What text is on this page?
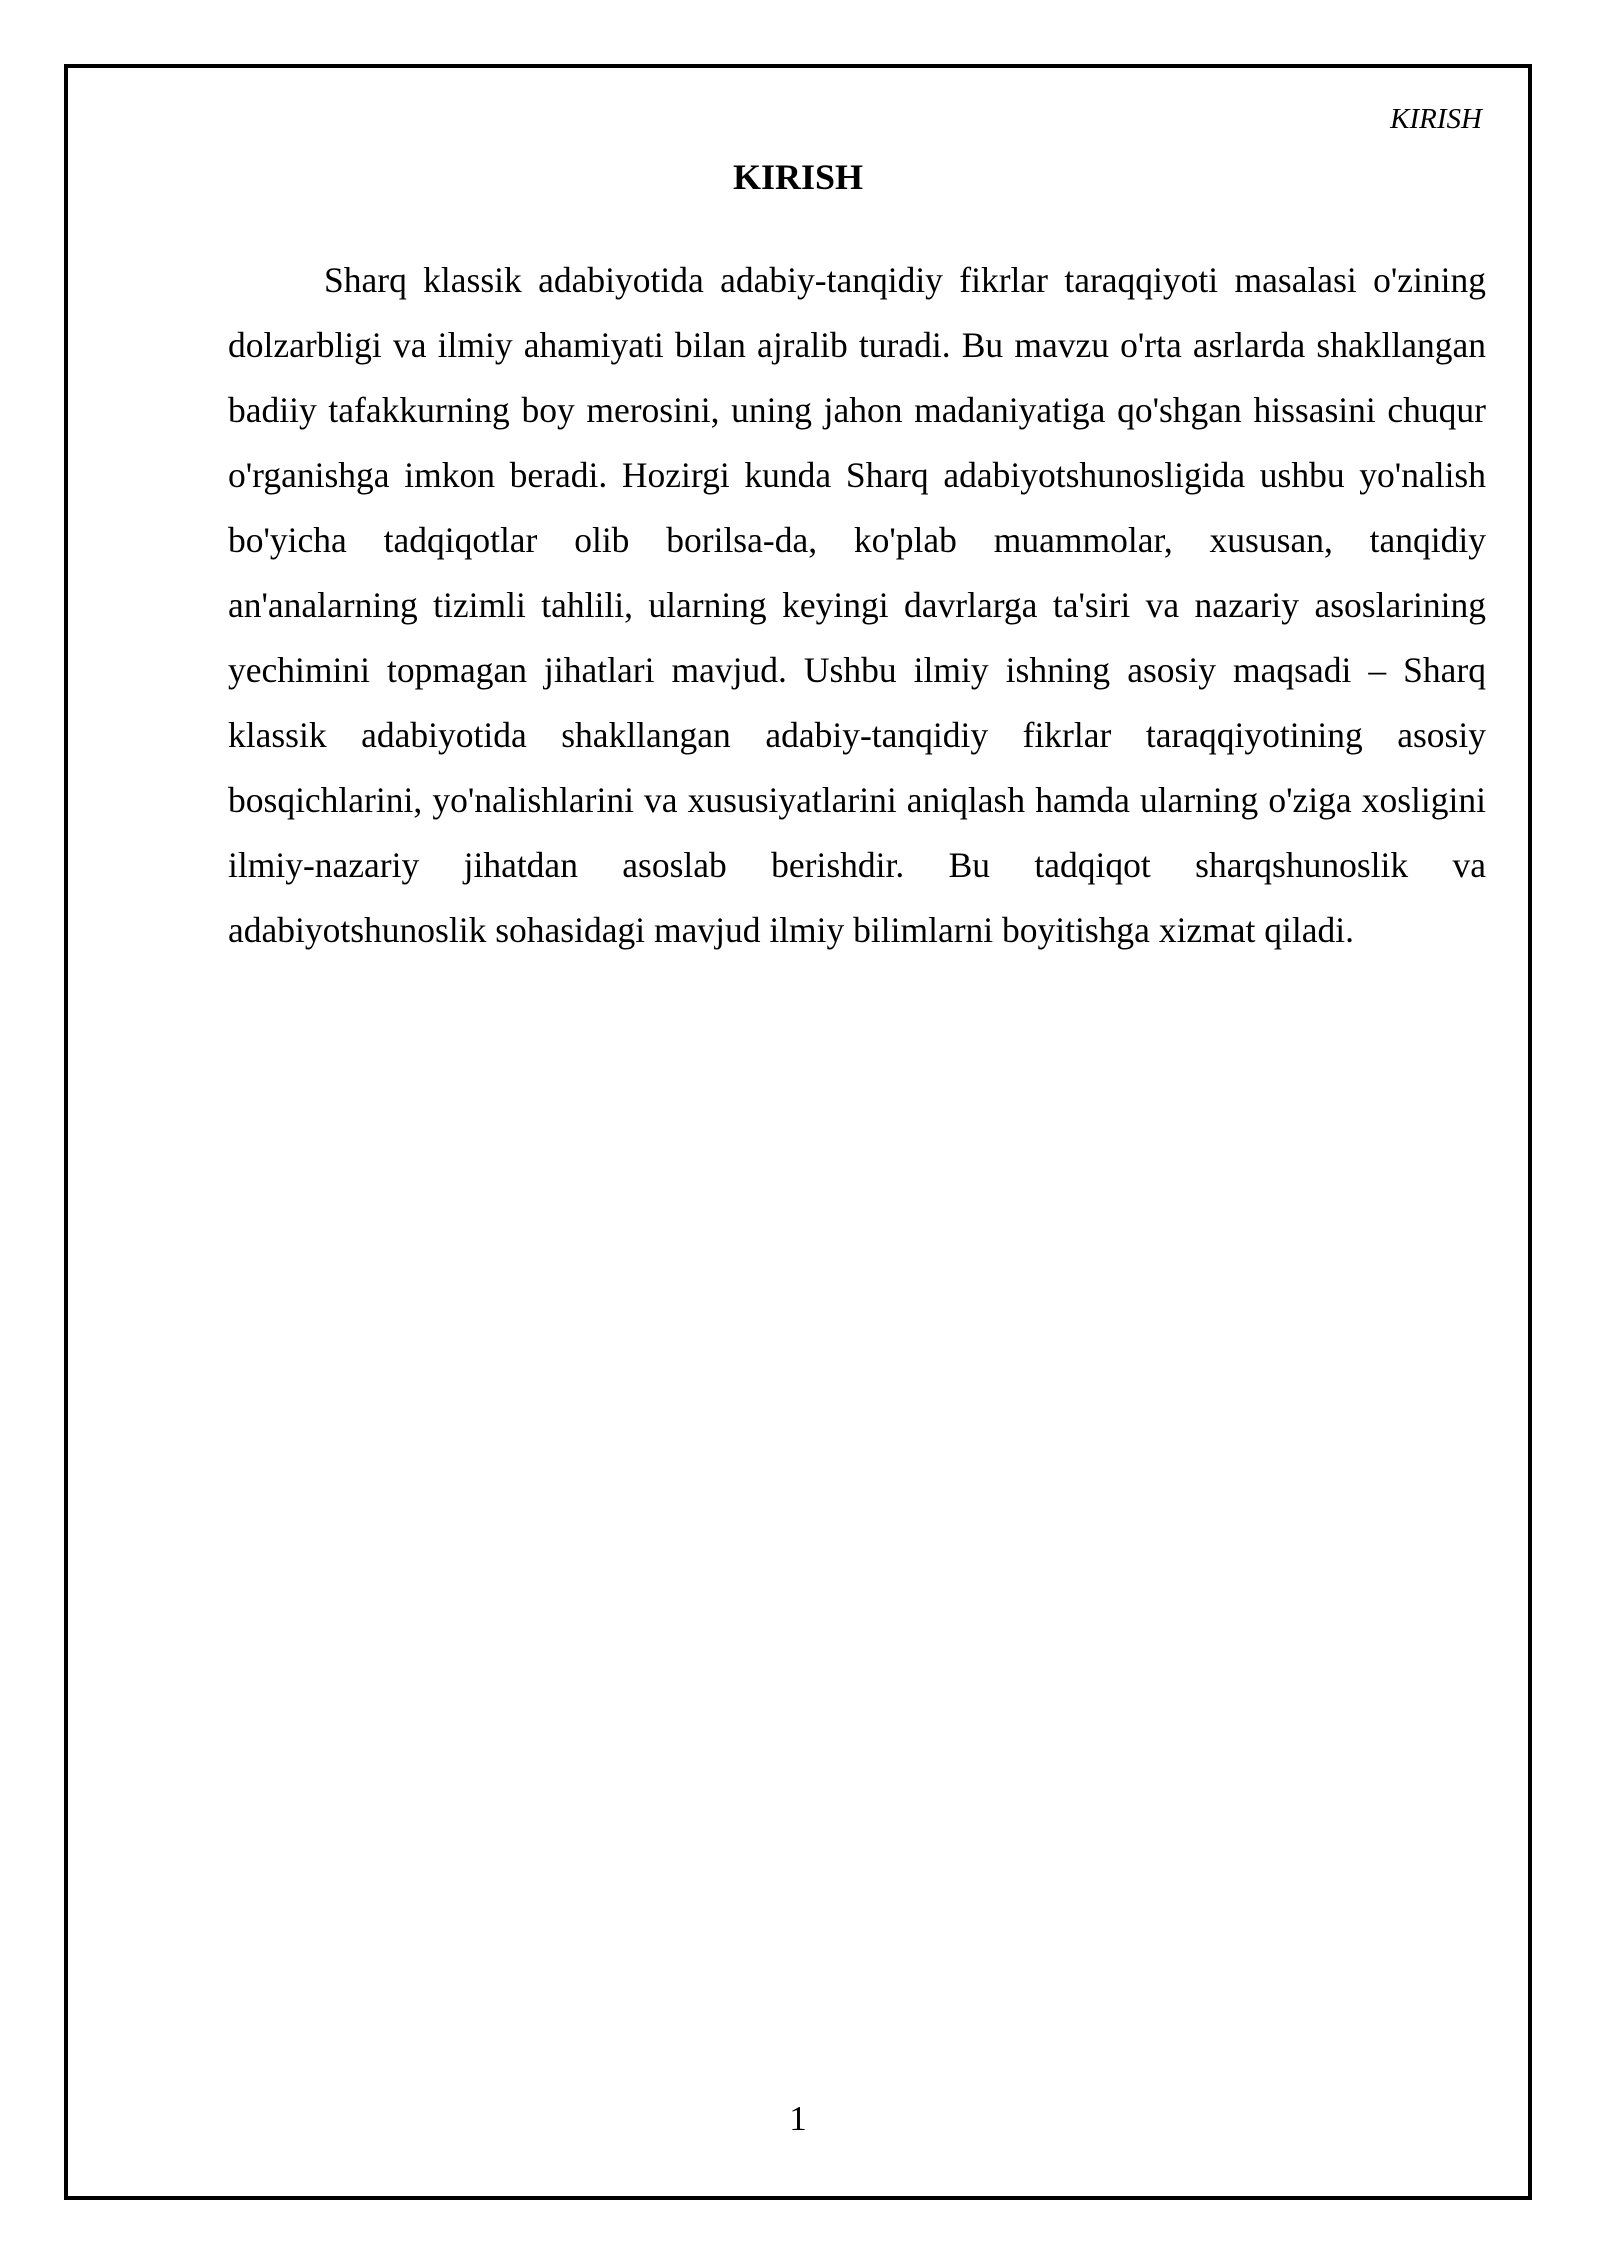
KIRISH
KIRISH

Sharq klassik adabiyotida adabiy-tanqidiy fikrlar taraqqiyoti masalasi o'zining dolzarbligi va ilmiy ahamiyati bilan ajralib turadi. Bu mavzu o'rta asrlarda shakllangan badiiy tafakkurning boy merosini, uning jahon madaniyatiga qo'shgan hissasini chuqur o'rganishga imkon beradi. Hozirgi kunda Sharq adabiyotshunosligida ushbu yo'nalish bo'yicha tadqiqotlar olib borilsa-da, ko'plab muammolar, xususan, tanqidiy an'analarning tizimli tahlili, ularning keyingi davrlarga ta'siri va nazariy asoslarining yechimini topmagan jihatlari mavjud. Ushbu ilmiy ishning asosiy maqsadi – Sharq klassik adabiyotida shakllangan adabiy-tanqidiy fikrlar taraqqiyotining asosiy bosqichlarini, yo'nalishlarini va xususiyatlarini aniqlash hamda ularning o'ziga xosligini ilmiy-nazariy jihatdan asoslab berishdir. Bu tadqiqot sharqshunoslik va adabiyotshunoslik sohasidagi mavjud ilmiy bilimlarni boyitishga xizmat qiladi.

1
